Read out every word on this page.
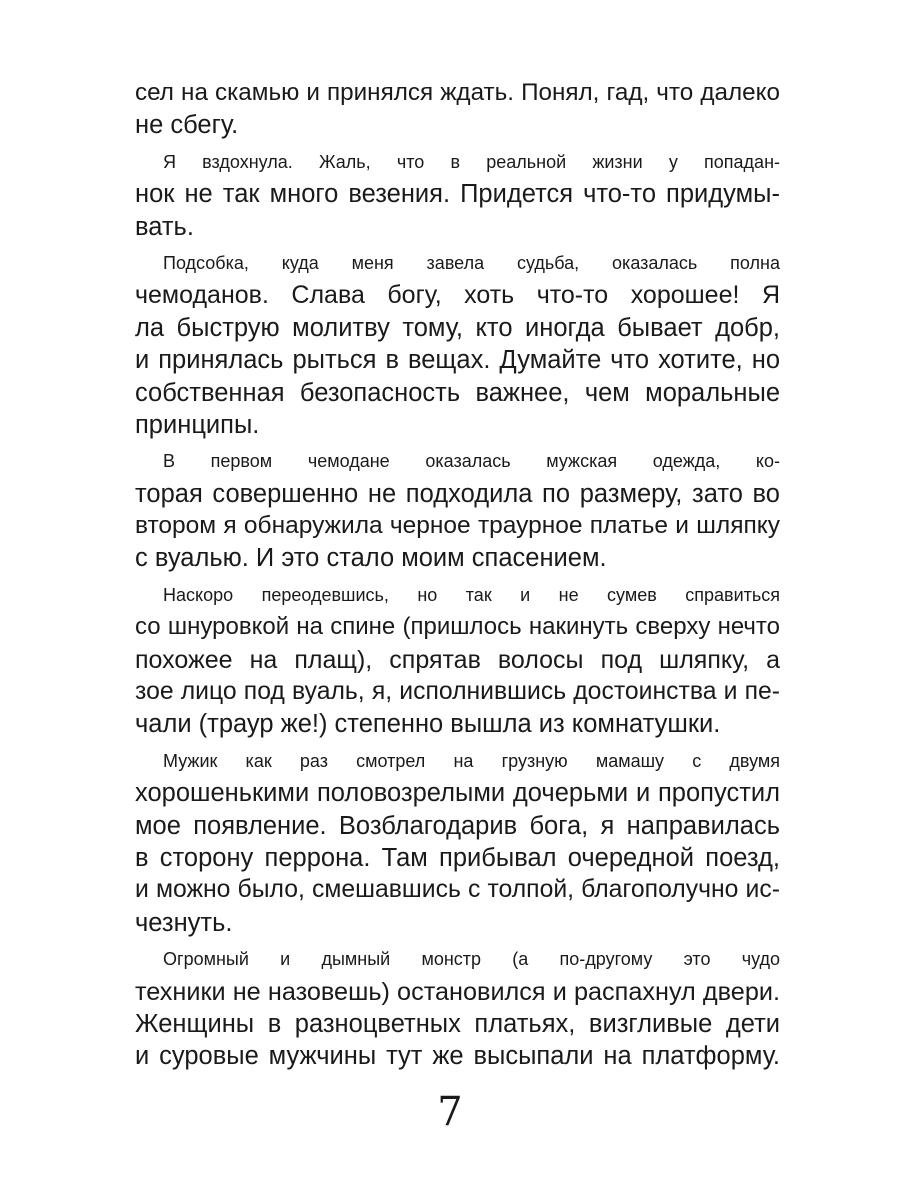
сел на скамью и принялся ждать. Понял, гад, что далеко
не сбегу.
Я вздохнула. Жаль, что в реальной жизни у попадан-
нок не так много везения. Придется что-то придумы-
вать.
Подсобка, куда меня завела судьба, оказалась полна
чемоданов. Слава богу, хоть что-то хорошее! Я
ла быструю молитву тому, кто иногда бывает добр,
и принялась рыться в вещах. Думайте что хотите, но
собственная безопасность важнее, чем моральные
принципы.
В первом чемодане оказалась мужская одежда, ко-
торая совершенно не подходила по размеру, зато во
втором я обнаружила черное траурное платье и шляпку
с вуалью. И это стало моим спасением.
Наскоро переодевшись, но так и не сумев справиться
со шнуровкой на спине (пришлось накинуть сверху нечто
похожее на плащ), спрятав волосы под шляпку, а
зое лицо под вуаль, я, исполнившись достоинства и пе-
чали (траур же!) степенно вышла из комнатушки.
Мужик как раз смотрел на грузную мамашу с двумя
хорошенькими половозрелыми дочерьми и пропустил
мое появление. Возблагодарив бога, я направилась
в сторону перрона. Там прибывал очередной поезд,
и можно было, смешавшись с толпой, благополучно ис-
чезнуть.
Огромный и дымный монстр (а по-другому это чудо
техники не назовешь) остановился и распахнул двери.
Женщины в разноцветных платьях, визгливые дети
и суровые мужчины тут же высыпали на платформу.
7
